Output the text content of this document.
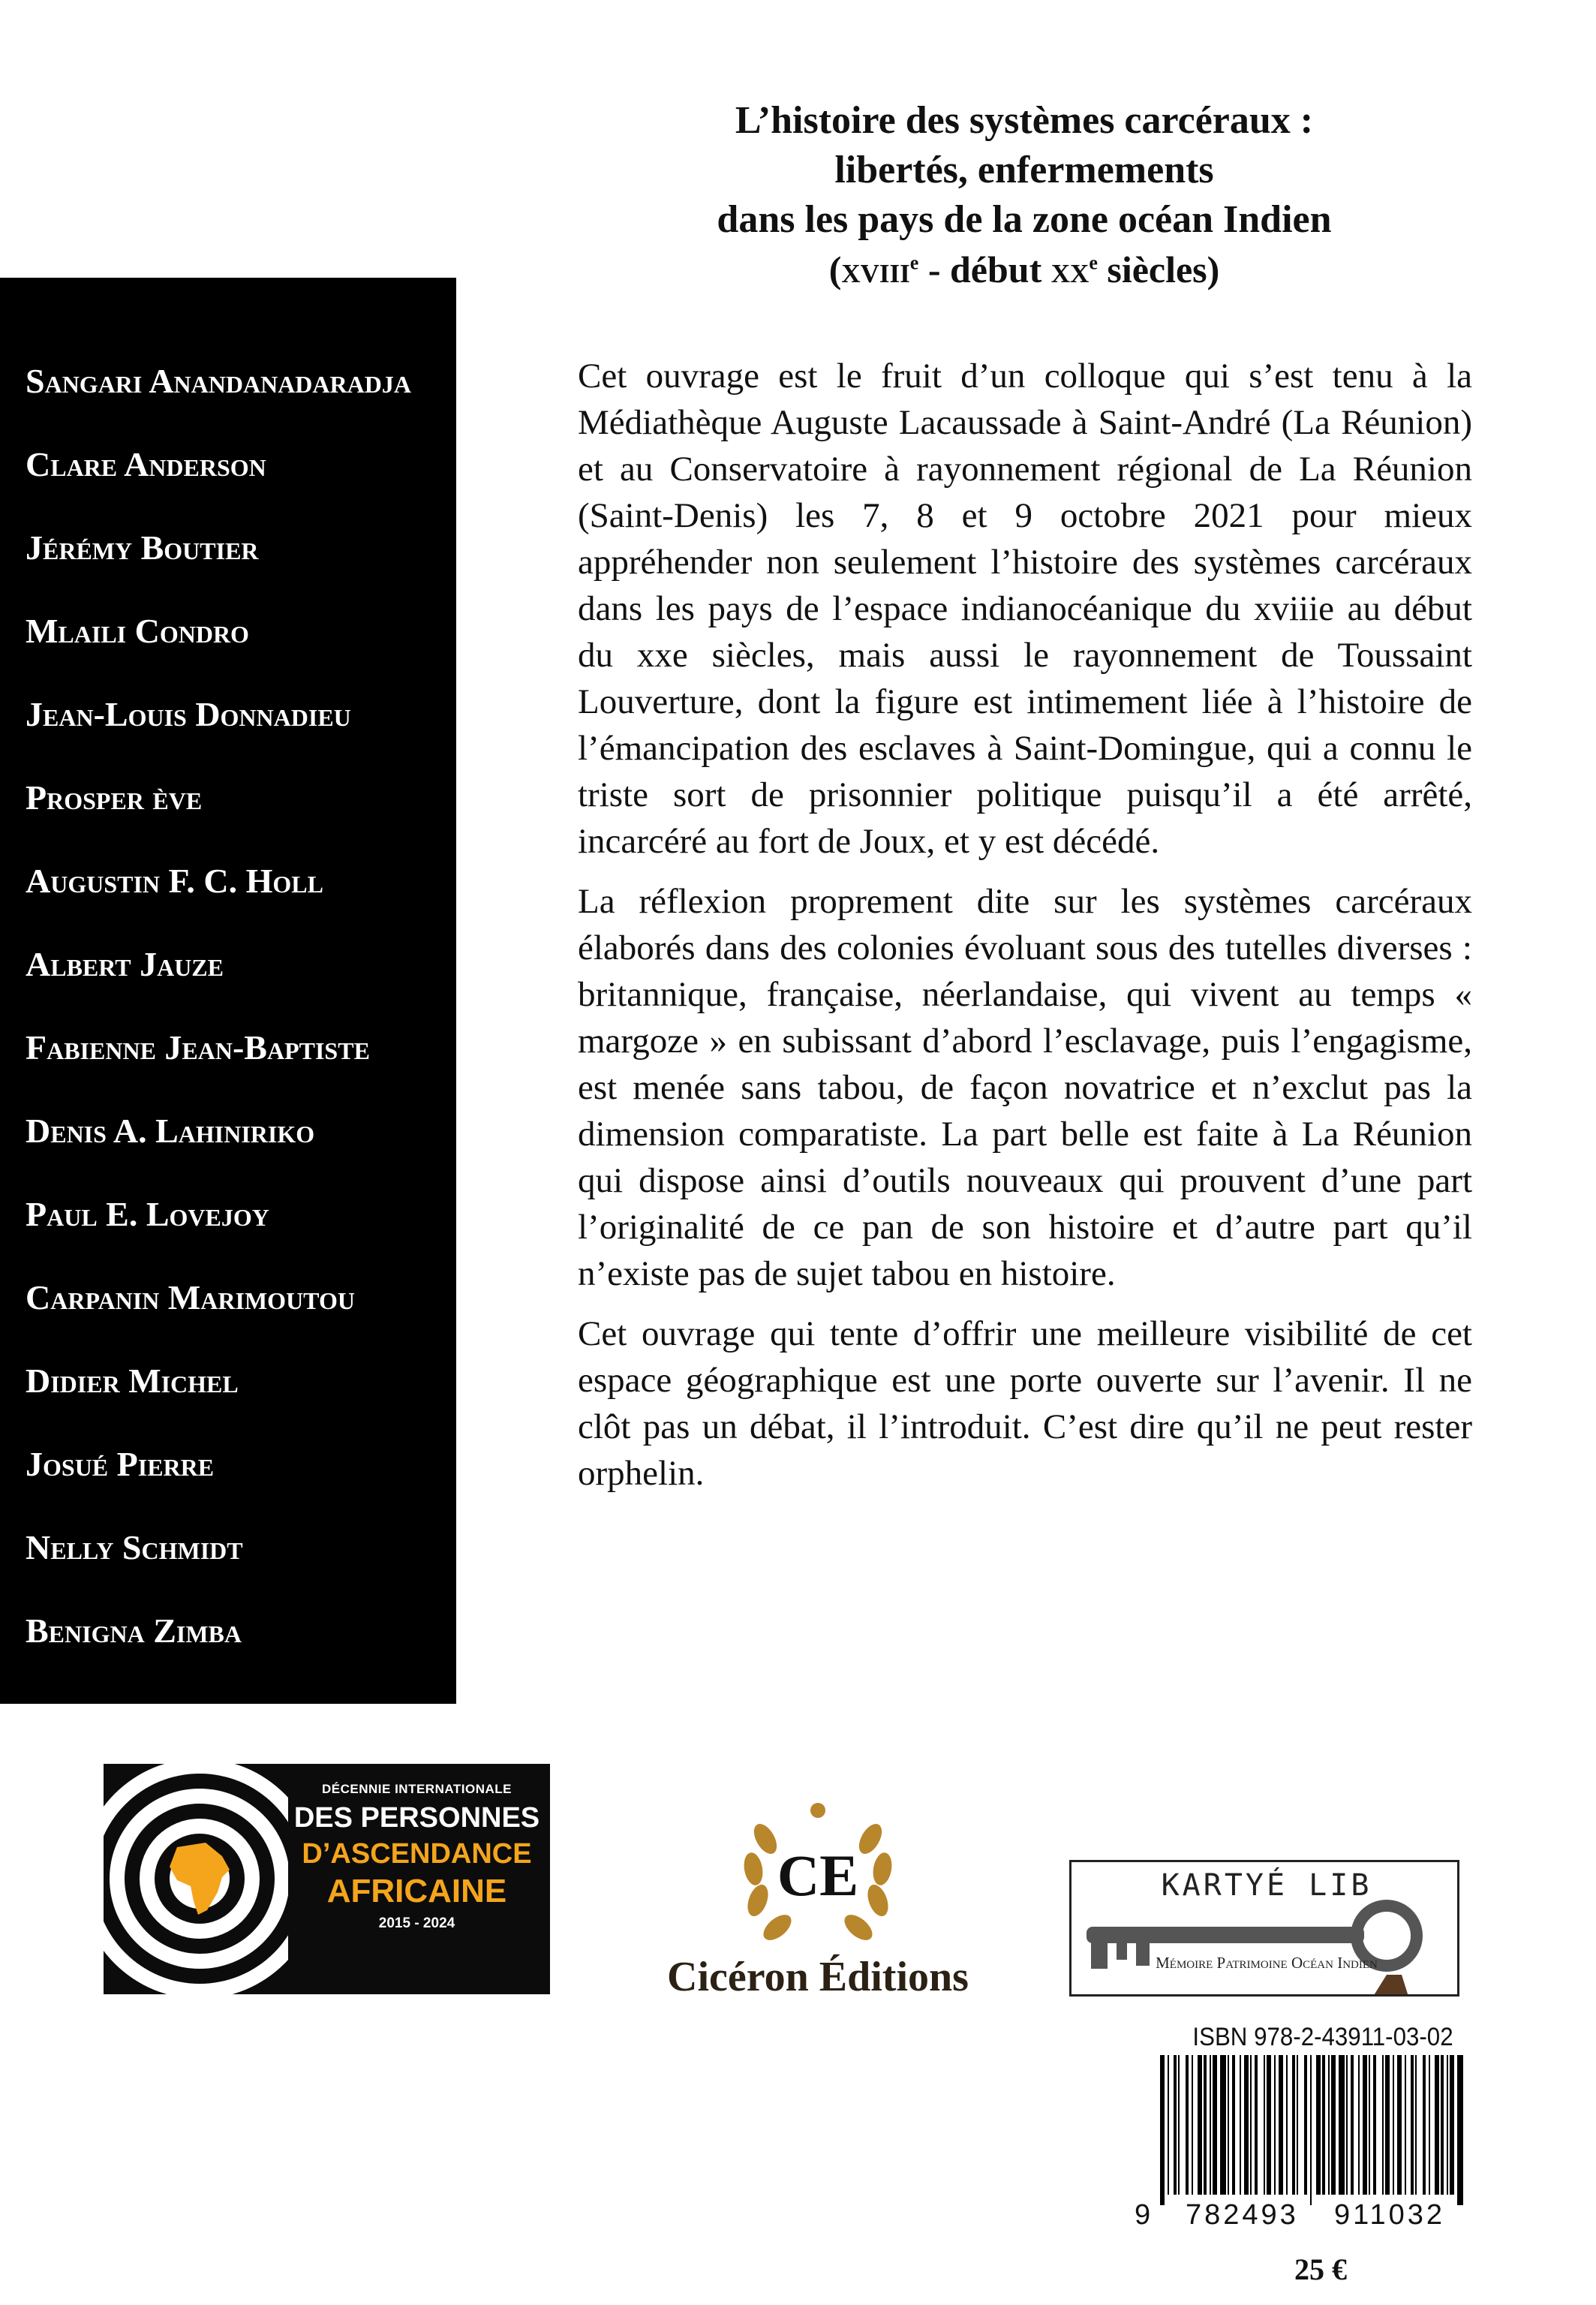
L’histoire des systèmes carcéraux :
libertés, enfermements
dans les pays de la zone océan Indien
(xviii$^e$ - début $xx^e$ siècles)
Sangari Anandanadaradja
Clare Anderson
Jérémy Boutier
Mlaili Condro
Jean-Louis Donnadieu
Prosper ève
Augustin F. C. Holl
Albert Jauze
Fabienne Jean-Baptiste
Denis A. Lahiniriko
Paul E. Lovejoy
Carpanin Marimoutou
Didier Michel
Josué Pierre
Nelly Schmidt
Benigna Zimba

Cet ouvrage est le fruit d’un colloque qui s’est tenu à la Médiathèque Auguste Lacaussade à Saint-André (La Réunion) et au Conservatoire à rayonnement régional de La Réunion (Saint-Denis) les 7, 8 et 9 octobre 2021 pour mieux appréhender non seulement l’histoire des systèmes carcéraux dans les pays de l’espace indianocéanique du xviiie au début du xxe siècles, mais aussi le rayonnement de Toussaint Louverture, dont la figure est intimement liée à l’histoire de l’émancipation des esclaves à Saint-Domingue, qui a connu le triste sort de prisonnier politique puisqu’il a été arrêté, incarcéré au fort de Joux, et y est décédé.

La réflexion proprement dite sur les systèmes carcéraux élaborés dans des colonies évoluant sous des tutelles diverses : britannique, française, néerlandaise, qui vivent au temps « margoze » en subissant d’abord l’esclavage, puis l’engagisme, est menée sans tabou, de façon novatrice et n’exclut pas la dimension comparatiste. La part belle est faite à La Réunion qui dispose ainsi d’outils nouveaux qui prouvent d’une part l’originalité de ce pan de son histoire et d’autre part qu’il n’existe pas de sujet tabou en histoire.

Cet ouvrage qui tente d’offrir une meilleure visibilité de cet espace géographique est une porte ouverte sur l’avenir. Il ne clôt pas un débat, il l’introduit. C’est dire qu’il ne peut rester orphelin.

DÉCENNIE INTERNATIONALE
DES PERSONNES
D’ASCENDANCE
AFRICAINE
2015 - 2024
CE
Cicéron Éditions
KARTYÉ LIB
Mémoire Patrimoine Océan Indien
ISBN 978-2-43911-03-02
9 782493 911032
25 €
